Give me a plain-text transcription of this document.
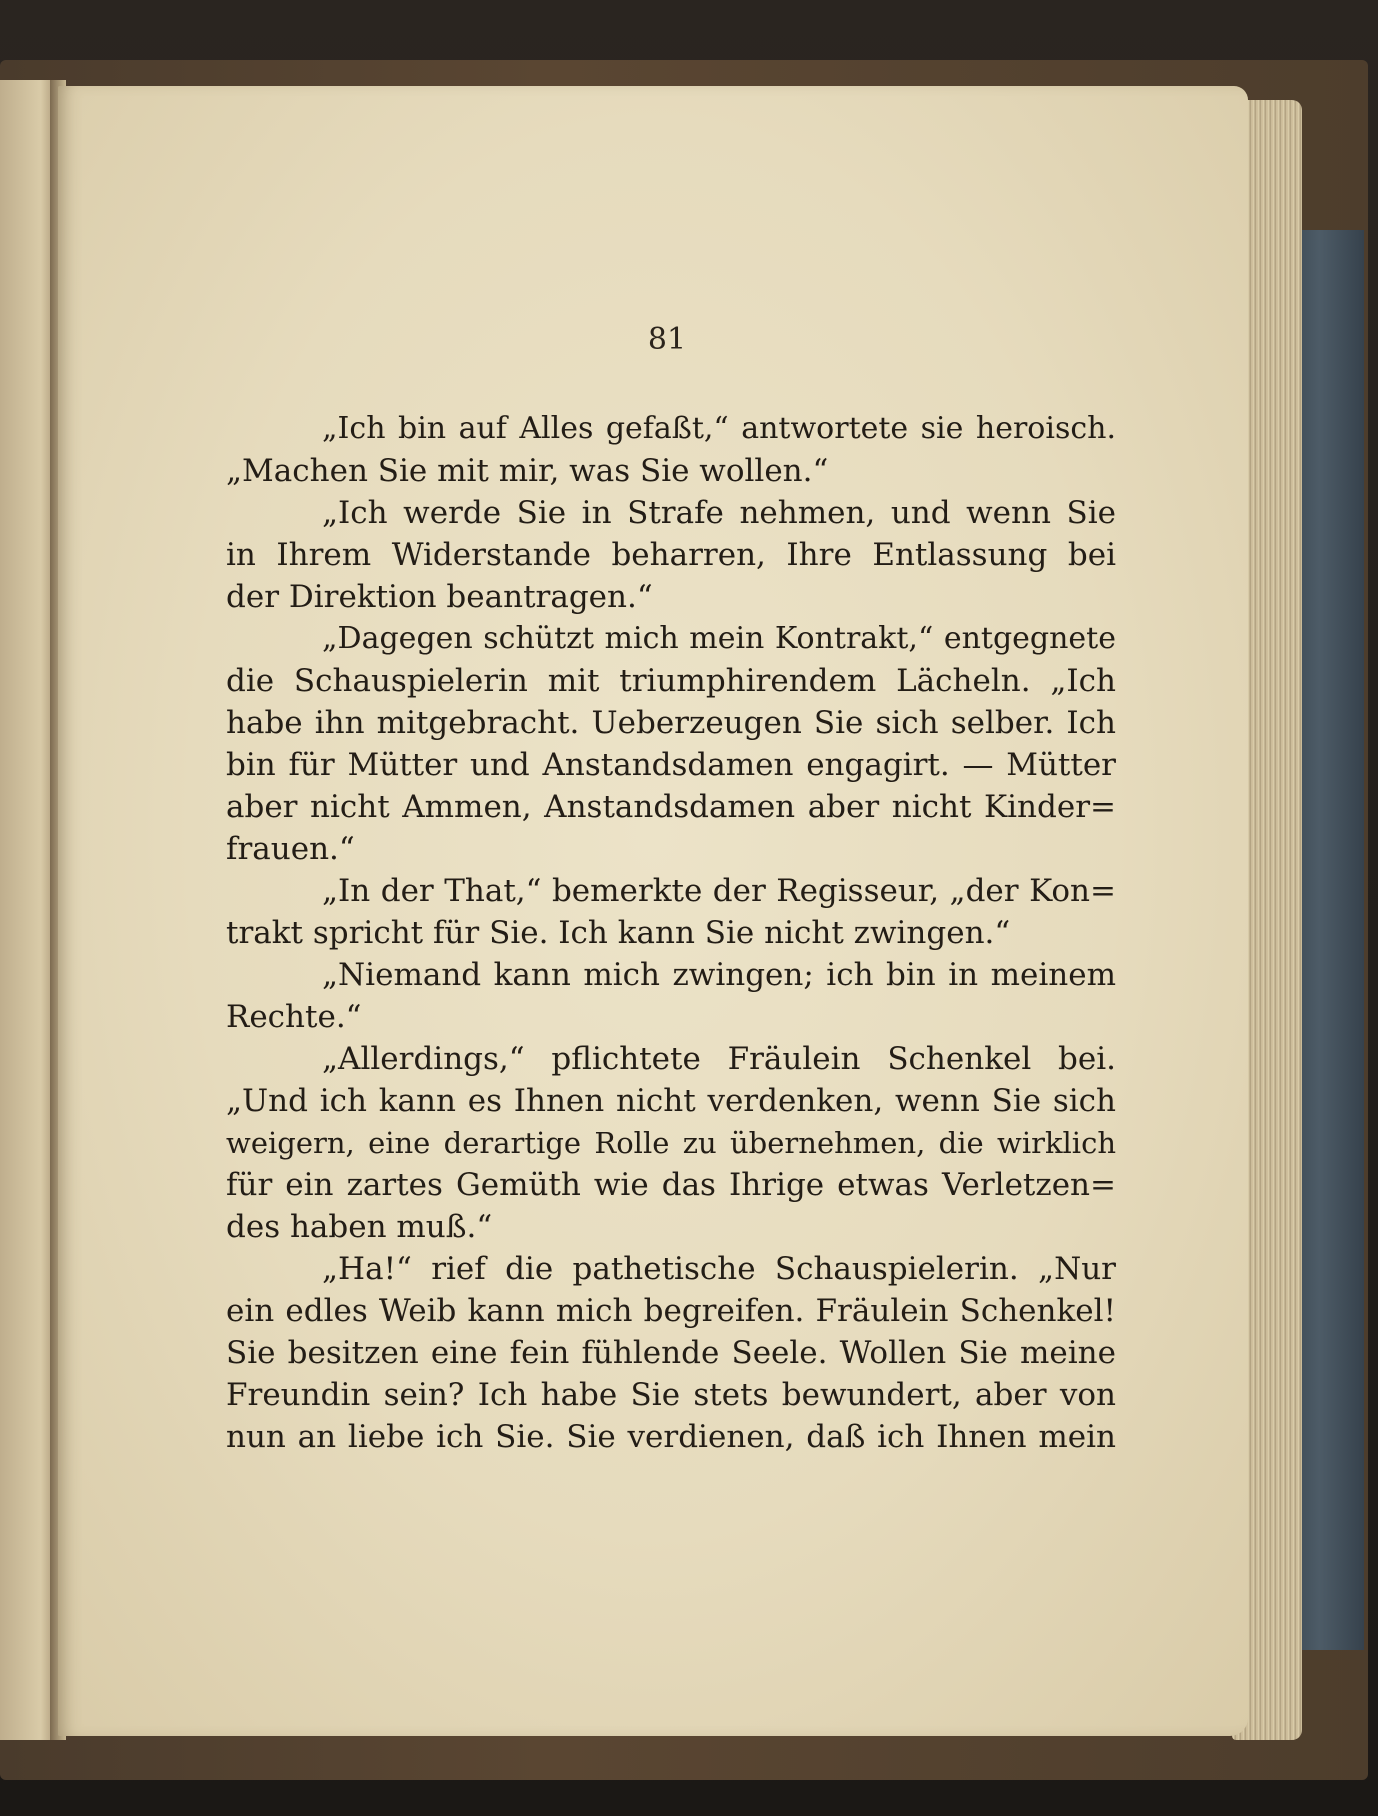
81
„Ich bin auf Alles gefaßt,“ antwortete sie heroisch.
„Machen Sie mit mir, was Sie wollen.“
„Ich werde Sie in Strafe nehmen, und wenn Sie
in Ihrem Widerstande beharren, Ihre Entlassung bei
der Direktion beantragen.“
„Dagegen schützt mich mein Kontrakt,“ entgegnete
die Schauspielerin mit triumphirendem Lächeln. „Ich
habe ihn mitgebracht. Ueberzeugen Sie sich selber. Ich
bin für Mütter und Anstandsdamen engagirt. — Mütter
aber nicht Ammen, Anstandsdamen aber nicht Kinder=
frauen.“
„In der That,“ bemerkte der Regisseur, „der Kon=
trakt spricht für Sie. Ich kann Sie nicht zwingen.“
„Niemand kann mich zwingen; ich bin in meinem
Rechte.“
„Allerdings,“ pflichtete Fräulein Schenkel bei.
„Und ich kann es Ihnen nicht verdenken, wenn Sie sich
weigern, eine derartige Rolle zu übernehmen, die wirklich
für ein zartes Gemüth wie das Ihrige etwas Verletzen=
des haben muß.“
„Ha!“ rief die pathetische Schauspielerin. „Nur
ein edles Weib kann mich begreifen. Fräulein Schenkel!
Sie besitzen eine fein fühlende Seele. Wollen Sie meine
Freundin sein? Ich habe Sie stets bewundert, aber von
nun an liebe ich Sie. Sie verdienen, daß ich Ihnen mein
